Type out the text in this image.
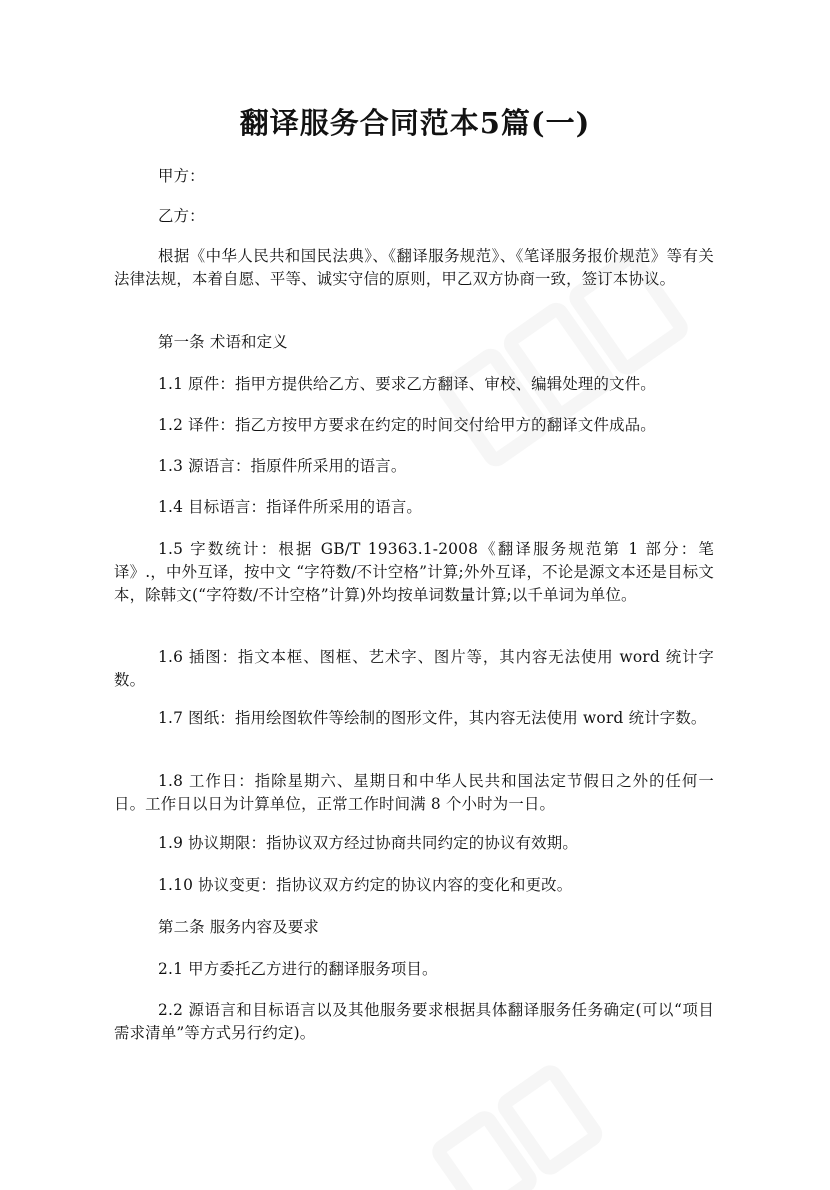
翻译服务合同范本5篇(一)

甲方：

乙方：

根据《中华人民共和国民法典》、《翻译服务规范》、《笔译服务报价规范》等有关法律法规，本着自愿、平等、诚实守信的原则，甲乙双方协商一致，签订本协议。

第一条 术语和定义

1.1 原件：指甲方提供给乙方、要求乙方翻译、审校、编辑处理的文件。

1.2 译件：指乙方按甲方要求在约定的时间交付给甲方的翻译文件成品。

1.3 源语言：指原件所采用的语言。

1.4 目标语言：指译件所采用的语言。

1.5 字数统计：根据 GB/T 19363.1-2008《翻译服务规范第 1 部分：笔译》.，中外互译，按中文 “字符数/不计空格”计算;外外互译，不论是源文本还是目标文本，除韩文(“字符数/不计空格”计算)外均按单词数量计算;以千单词为单位。

1.6 插图：指文本框、图框、艺术字、图片等，其内容无法使用 word 统计字数。

1.7 图纸：指用绘图软件等绘制的图形文件，其内容无法使用 word 统计字数。

1.8 工作日：指除星期六、星期日和中华人民共和国法定节假日之外的任何一日。工作日以日为计算单位，正常工作时间满 8 个小时为一日。

1.9 协议期限：指协议双方经过协商共同约定的协议有效期。

1.10 协议变更：指协议双方约定的协议内容的变化和更改。

第二条 服务内容及要求

2.1 甲方委托乙方进行的翻译服务项目。

2.2 源语言和目标语言以及其他服务要求根据具体翻译服务任务确定(可以“项目需求清单”等方式另行约定)。
